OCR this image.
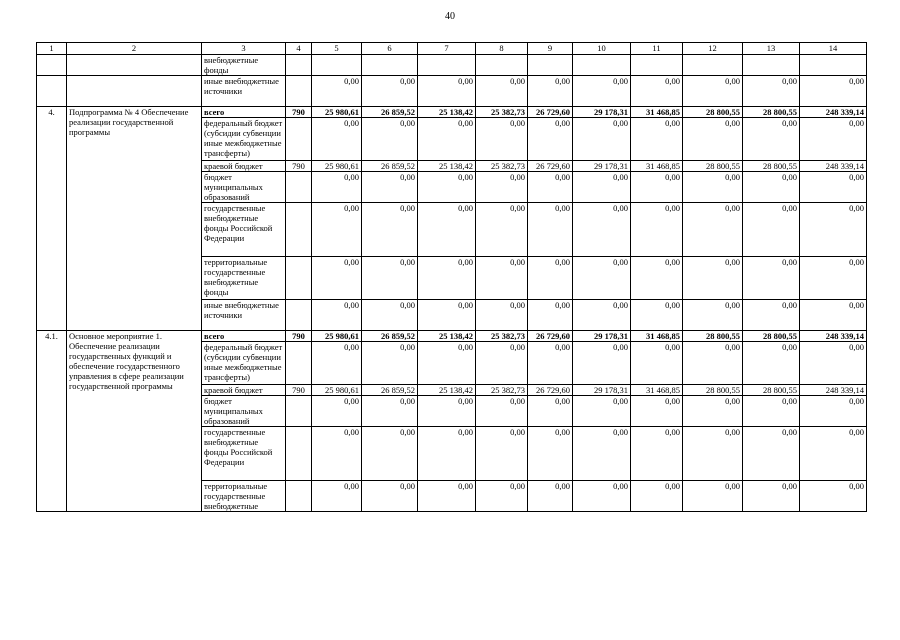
40
1	2	3	4	5	6	7	8	9	10	11	12	13	14
		внебюджетные фонды											
		иные внебюджетные источники		0,00	0,00	0,00	0,00	0,00	0,00	0,00	0,00	0,00	0,00
4.	Подпрограмма № 4 Обеспечение реализации государственной программы	всего	790	25 980,61	26 859,52	25 138,42	25 382,73	26 729,60	29 178,31	31 468,85	28 800,55	28 800,55	248 339,14
		федеральный бюджет (субсидии субвенции иные межбюджетные трансферты)		0,00	0,00	0,00	0,00	0,00	0,00	0,00	0,00	0,00	0,00
		краевой бюджет	790	25 980,61	26 859,52	25 138,42	25 382,73	26 729,60	29 178,31	31 468,85	28 800,55	28 800,55	248 339,14
		бюджет муниципальных образований		0,00	0,00	0,00	0,00	0,00	0,00	0,00	0,00	0,00	0,00
		государственные внебюджетные фонды Российской Федерации		0,00	0,00	0,00	0,00	0,00	0,00	0,00	0,00	0,00	0,00
		территориальные государственные внебюджетные фонды		0,00	0,00	0,00	0,00	0,00	0,00	0,00	0,00	0,00	0,00
		иные внебюджетные источники		0,00	0,00	0,00	0,00	0,00	0,00	0,00	0,00	0,00	0,00
4.1.	Основное мероприятие 1. Обеспечение реализации государственных функций и обеспечение государственного управления в сфере реализации государственной программы	всего	790	25 980,61	26 859,52	25 138,42	25 382,73	26 729,60	29 178,31	31 468,85	28 800,55	28 800,55	248 339,14
		федеральный бюджет (субсидии субвенции иные межбюджетные трансферты)		0,00	0,00	0,00	0,00	0,00	0,00	0,00	0,00	0,00	0,00
		краевой бюджет	790	25 980,61	26 859,52	25 138,42	25 382,73	26 729,60	29 178,31	31 468,85	28 800,55	28 800,55	248 339,14
		бюджет муниципальных образований		0,00	0,00	0,00	0,00	0,00	0,00	0,00	0,00	0,00	0,00
		государственные внебюджетные фонды Российской Федерации		0,00	0,00	0,00	0,00	0,00	0,00	0,00	0,00	0,00	0,00
		территориальные государственные внебюджетные		0,00	0,00	0,00	0,00	0,00	0,00	0,00	0,00	0,00	0,00
